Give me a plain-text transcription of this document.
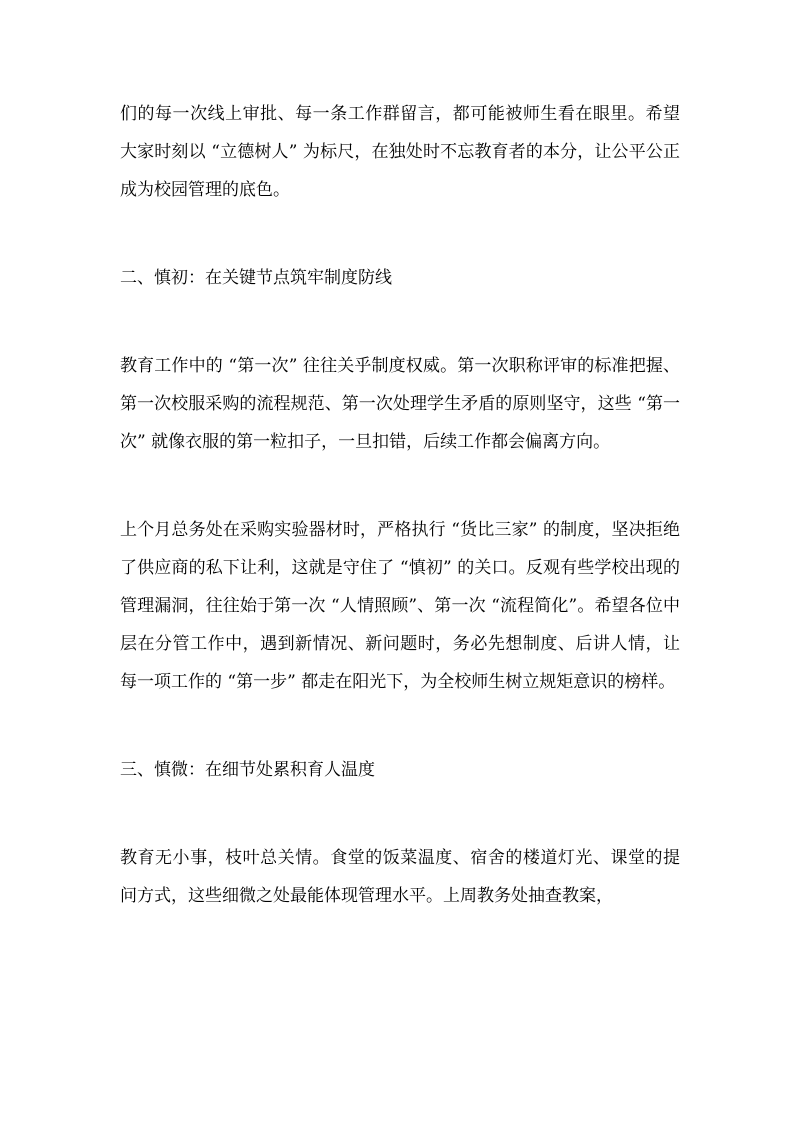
们的每一次线上审批、每一条工作群留言，都可能被师生看在眼里。希望大家时刻以 “立德树人” 为标尺，在独处时不忘教育者的本分，让公平公正成为校园管理的底色。

二、慎初：在关键节点筑牢制度防线

教育工作中的 “第一次” 往往关乎制度权威。第一次职称评审的标准把握、第一次校服采购的流程规范、第一次处理学生矛盾的原则坚守，这些 “第一次” 就像衣服的第一粒扣子，一旦扣错，后续工作都会偏离方向。

上个月总务处在采购实验器材时，严格执行 “货比三家” 的制度，坚决拒绝了供应商的私下让利，这就是守住了 “慎初” 的关口。反观有些学校出现的管理漏洞，往往始于第一次 “人情照顾”、第一次 “流程简化”。希望各位中层在分管工作中，遇到新情况、新问题时，务必先想制度、后讲人情，让每一项工作的 “第一步” 都走在阳光下，为全校师生树立规矩意识的榜样。

三、慎微：在细节处累积育人温度

教育无小事，枝叶总关情。食堂的饭菜温度、宿舍的楼道灯光、课堂的提问方式，这些细微之处最能体现管理水平。上周教务处抽查教案，
